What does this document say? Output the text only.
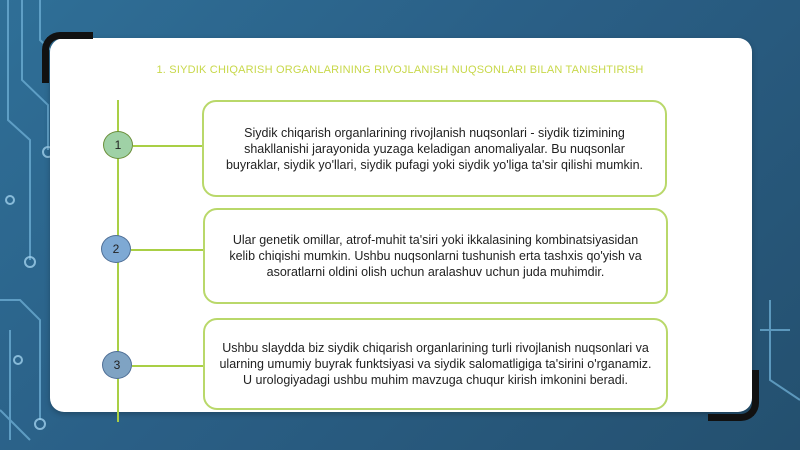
1. SIYDIK CHIQARISH ORGANLARINING RIVOJLANISH NUQSONLARI BILAN TANISHTIRISH
1
2
3
Siydik chiqarish organlarining rivojlanish nuqsonlari - siydik tizimining shakllanishi jarayonida yuzaga keladigan anomaliyalar. Bu nuqsonlar buyraklar, siydik yo'llari, siydik pufagi yoki siydik yo'liga ta'sir qilishi mumkin.
Ular genetik omillar, atrof-muhit ta'siri yoki ikkalasining kombinatsiyasidan kelib chiqishi mumkin. Ushbu nuqsonlarni tushunish erta tashxis qo'yish va asoratlarni oldini olish uchun aralashuv uchun juda muhimdir.
Ushbu slaydda biz siydik chiqarish organlarining turli rivojlanish nuqsonlari va ularning umumiy buyrak funktsiyasi va siydik salomatligiga ta'sirini o'rganamiz. U urologiyadagi ushbu muhim mavzuga chuqur kirish imkonini beradi.
